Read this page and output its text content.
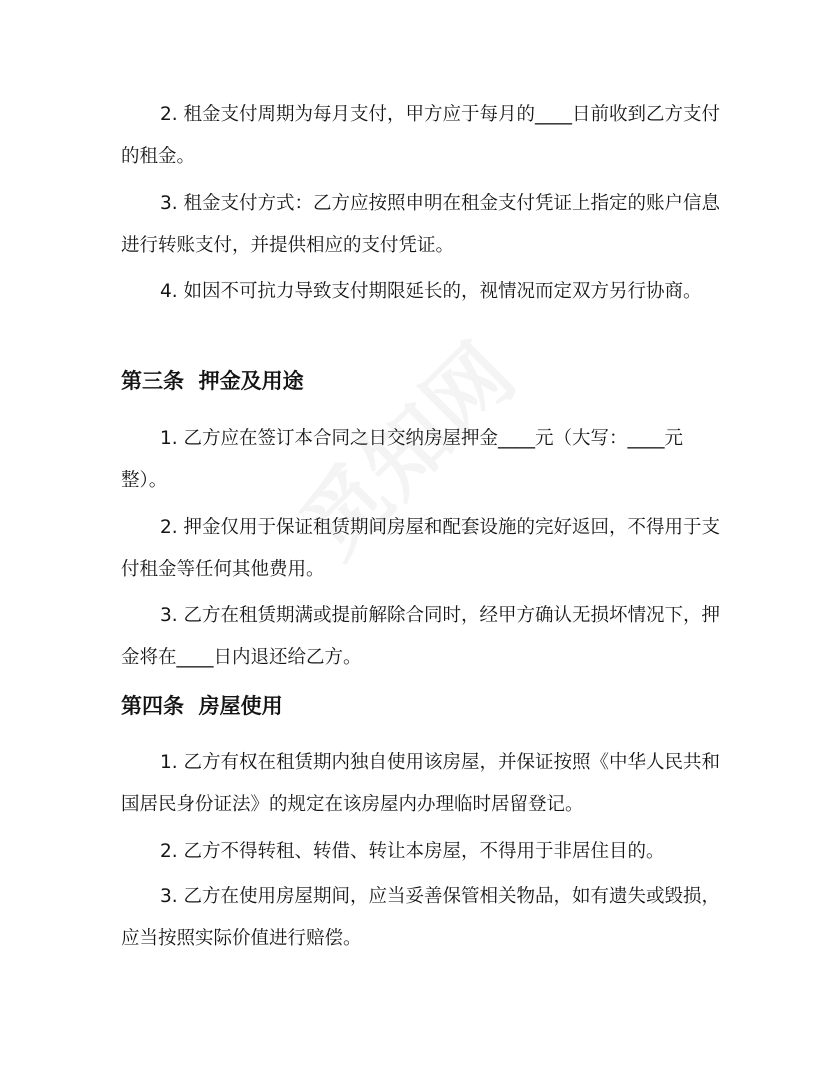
2. 租金支付周期为每月支付，甲方应于每月的____日前收到乙方支付的租金。

3. 租金支付方式：乙方应按照申明在租金支付凭证上指定的账户信息进行转账支付，并提供相应的支付凭证。

4. 如因不可抗力导致支付期限延长的，视情况而定双方另行协商。

第三条  押金及用途

1. 乙方应在签订本合同之日交纳房屋押金____元（大写：____元整）。

2. 押金仅用于保证租赁期间房屋和配套设施的完好返回，不得用于支付租金等任何其他费用。

3. 乙方在租赁期满或提前解除合同时，经甲方确认无损坏情况下，押金将在____日内退还给乙方。

第四条  房屋使用

1. 乙方有权在租赁期内独自使用该房屋，并保证按照《中华人民共和国居民身份证法》的规定在该房屋内办理临时居留登记。

2. 乙方不得转租、转借、转让本房屋，不得用于非居住目的。

3. 乙方在使用房屋期间，应当妥善保管相关物品，如有遗失或毁损，应当按照实际价值进行赔偿。
